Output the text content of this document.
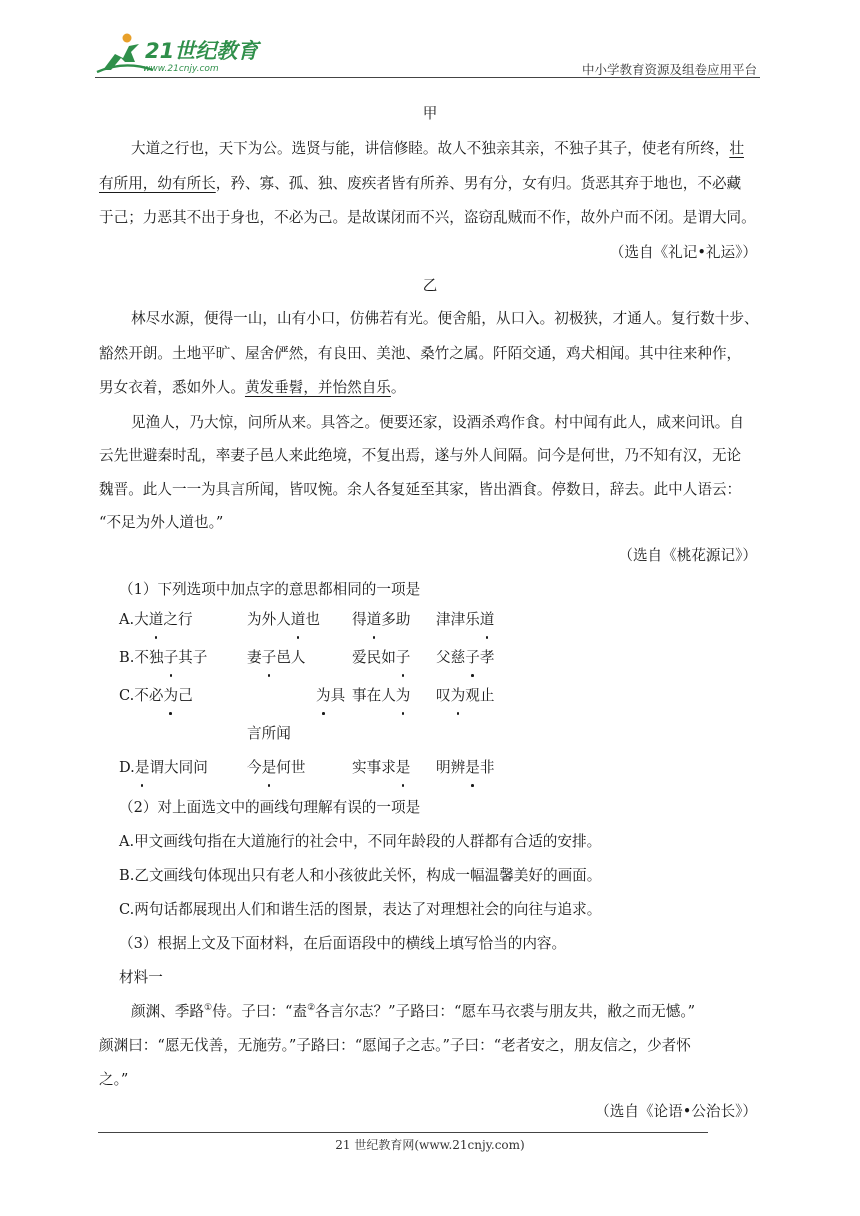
21世纪教育
www.21cnjy.com	中小学教育资源及组卷应用平台
甲
大道之行也，天下为公。选贤与能，讲信修睦。故人不独亲其亲，不独子其子，使老有所终，壮
有所用，幼有所长，矜、寡、孤、独、废疾者皆有所养、男有分，女有归。货恶其弃于地也，不必藏
于己；力恶其不出于身也，不必为己。是故谋闭而不兴，盗窃乱贼而不作，故外户而不闭。是谓大同。
（选自《礼记•礼运》）
乙
林尽水源，便得一山，山有小口，仿佛若有光。便舍船，从口入。初极狭，才通人。复行数十步、
豁然开朗。土地平旷、屋舍俨然，有良田、美池、桑竹之属。阡陌交通，鸡犬相闻。其中往来种作，
男女衣着，悉如外人。黄发垂髫，并怡然自乐。
见渔人，乃大惊，问所从来。具答之。便要还家，设酒杀鸡作食。村中闻有此人，咸来问讯。自
云先世避秦时乱，率妻子邑人来此绝境，不复出焉，遂与外人间隔。问今是何世，乃不知有汉，无论
魏晋。此人一一为具言所闻，皆叹惋。余人各复延至其家，皆出酒食。停数日，辞去。此中人语云：
“不足为外人道也。”
（选自《桃花源记》）
（1）下列选项中加点字的意思都相同的一项是
A.大道之行	为外人道也 得道多助 津津乐道
B.不独子其子	妻子邑人	爱民如子 父慈子孝
C.不必为己	为具 事在人为 叹为观止
言所闻
D.是谓大同问	今是何世	实事求是 明辨是非
（2）对上面选文中的画线句理解有误的一项是
A.甲文画线句指在大道施行的社会中，不同年龄段的人群都有合适的安排。
B.乙文画线句体现出只有老人和小孩彼此关怀，构成一幅温馨美好的画面。
C.两句话都展现出人们和谐生活的图景，表达了对理想社会的向往与追求。
（3）根据上文及下面材料，在后面语段中的横线上填写恰当的内容。
材料一
颜渊、季路①侍。子曰：“盍②各言尔志？”子路曰：“愿车马衣裘与朋友共，敝之而无憾。”
颜渊曰：“愿无伐善，无施劳。”子路曰：“愿闻子之志。”子曰：“老者安之，朋友信之，少者怀
之。”
（选自《论语•公治长》）
21 世纪教育网(www.21cnjy.com)
